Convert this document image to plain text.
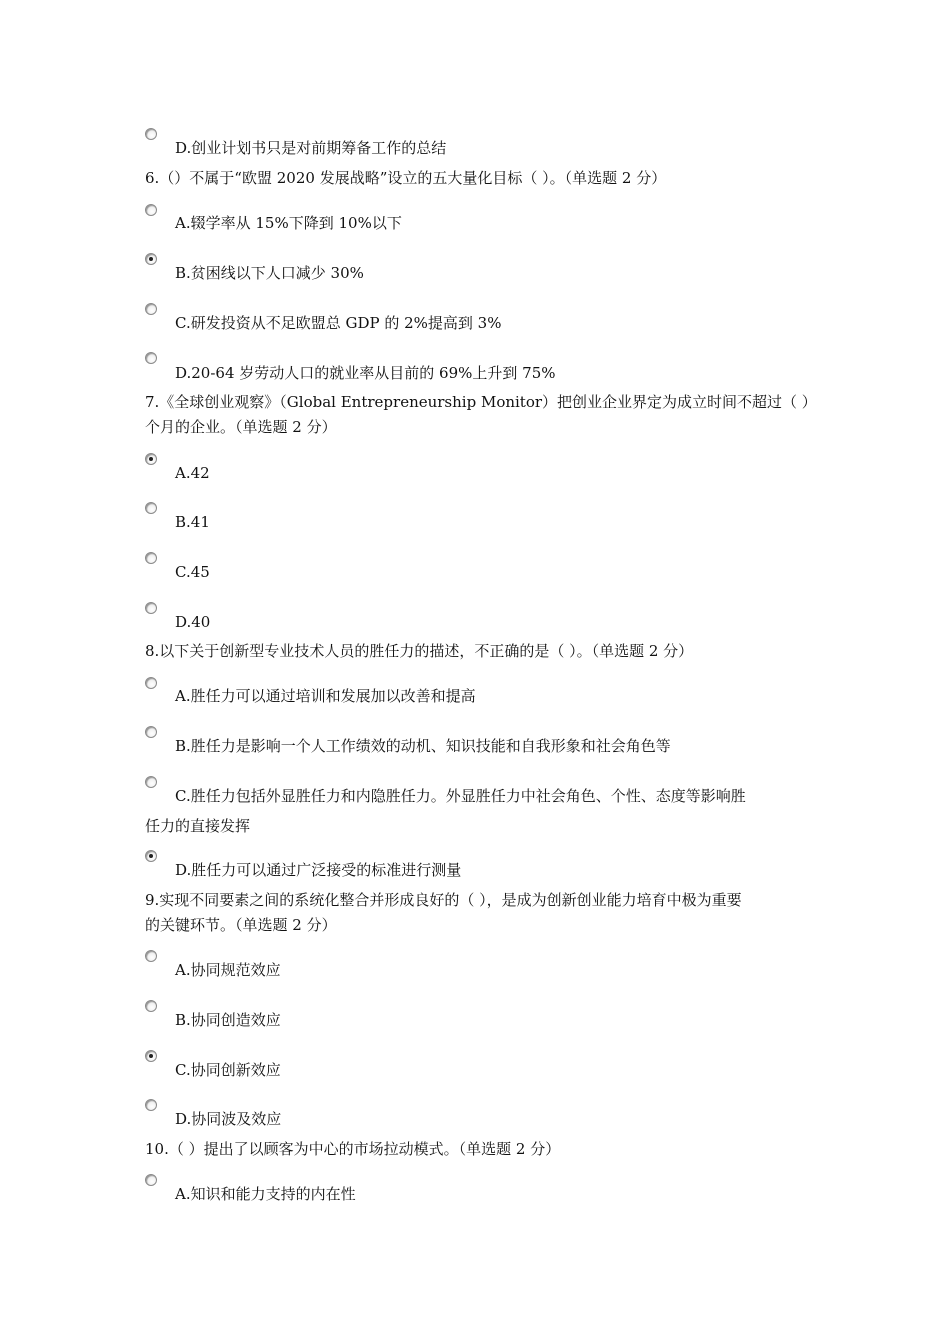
D.创业计划书只是对前期筹备工作的总结
6.（）不属于“欧盟 2020 发展战略”设立的五大量化目标（ ）。（单选题 2 分）
A.辍学率从 15%下降到 10%以下
B.贫困线以下人口减少 30%
C.研发投资从不足欧盟总 GDP 的 2%提高到 3%
D.20-64 岁劳动人口的就业率从目前的 69%上升到 75%
7.《全球创业观察》（Global Entrepreneurship Monitor）把创业企业界定为成立时间不超过（ ）
个月的企业。（单选题 2 分）
A.42
B.41
C.45
D.40
8.以下关于创新型专业技术人员的胜任力的描述，不正确的是（ ）。（单选题 2 分）
A.胜任力可以通过培训和发展加以改善和提高
B.胜任力是影响一个人工作绩效的动机、知识技能和自我形象和社会角色等
C.胜任力包括外显胜任力和内隐胜任力。外显胜任力中社会角色、个性、态度等影响胜
任力的直接发挥
D.胜任力可以通过广泛接受的标准进行测量
9.实现不同要素之间的系统化整合并形成良好的（ ），是成为创新创业能力培育中极为重要
的关键环节。（单选题 2 分）
A.协同规范效应
B.协同创造效应
C.协同创新效应
D.协同波及效应
10.（ ）提出了以顾客为中心的市场拉动模式。（单选题 2 分）
A.知识和能力支持的内在性
